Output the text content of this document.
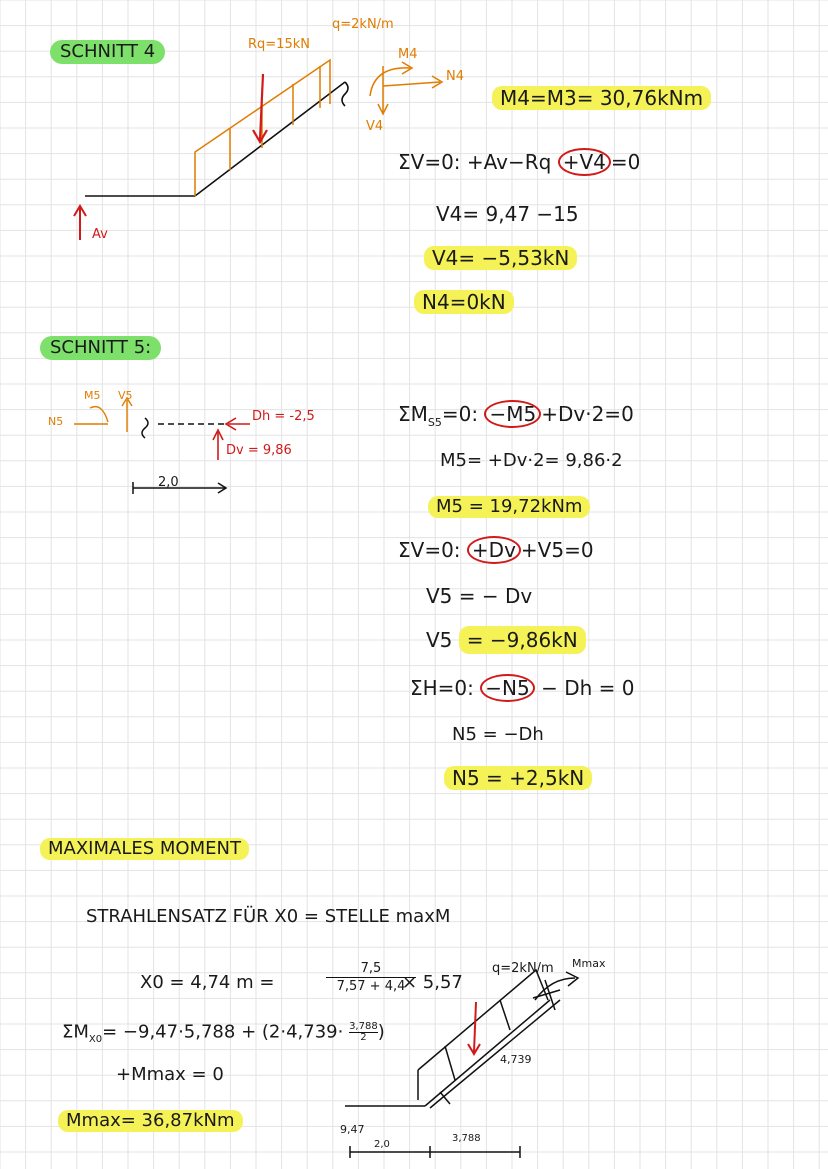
SCHNITT 4	Rq=15kN
q=2kN/m
M4
N4
V4
Av
M4=M3= 30,76kNm
ΣV=0: +Av−Rq +V4 =0
V4= 9,47 −15
V4= −5,53kN
N4=0kN
SCHNITT 5:
M5 V5
N5	Dh = -2,5
Dv = 9,86
2,0
$\Sigma M_{S5}=0$: −M5 +Dv·2=0
M5= +Dv·2= 9,86·2
M5 = 19,72kNm
ΣV=0: +Dv +V5=0
V5 = − Dv
V5 = −9,86kN
ΣH=0: −N5 − Dh = 0
N5 = −Dh
N5 = +2,5kN
MAXIMALES MOMENT
STRAHLENSATZ FÜR X0 = STELLE maxM
X0 = 4,74 m =	$\frac{7,5}{7,57 + 4,4}$
× 5,57
$\Sigma M_{X0}= -9,47\cdot 5,788 + (2\cdot 4,739\cdot \frac{3,788}{2}$ )
+Mmax = 0
Mmax= 36,87kNm
q=2kN/m Mmax
4,739
9,47
2,0
3,788
